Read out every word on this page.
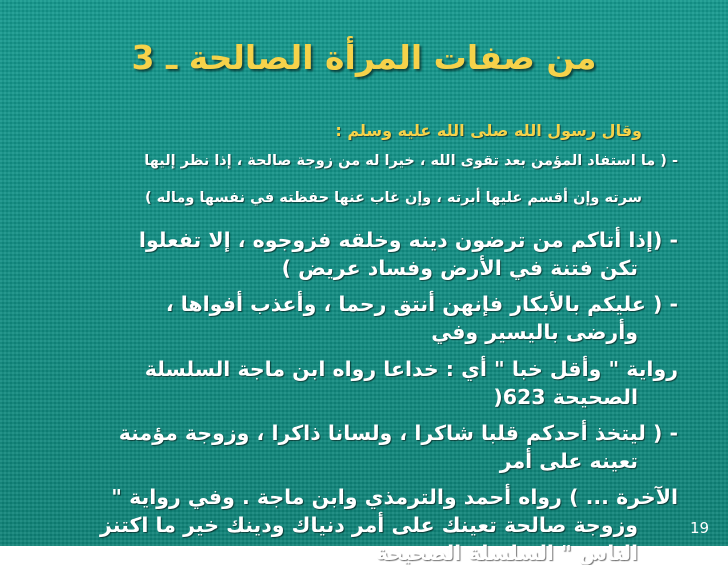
من صفات المرأة الصالحة ـ 3

وقال رسول الله صلى الله عليه وسلم :

- ( ما استفاد المؤمن بعد تقوى الله ، خيرا له من زوجة صالحة ، إذا نظر إليها

سرته وإن أقسم عليها أبرته ، وإن غاب عنها حفظته في نفسها وماله )

- (إذا أتاكم من ترضون دينه وخلقه فزوجوه ، إلا تفعلوا

تكن فتنة في الأرض وفساد عريض )

- ( عليكم بالأبكار فإنهن أنتق رحما ، وأعذب أفواها ،

وأرضى باليسير وفي

رواية " وأقل خبا " أي : خداعا رواه ابن ماجة السلسلة

الصحيحة 623(

- ( ليتخذ أحدكم قلبا شاكرا ، ولسانا ذاكرا ، وزوجة مؤمنة

تعينه على أمر

الآخرة ... ) رواه أحمد والترمذي وابن ماجة . وفي رواية "

وزوجة صالحة تعينك على أمر دنياك ودينك خير ما اكتنز

الناس " السلسلة الصحيحة

19
